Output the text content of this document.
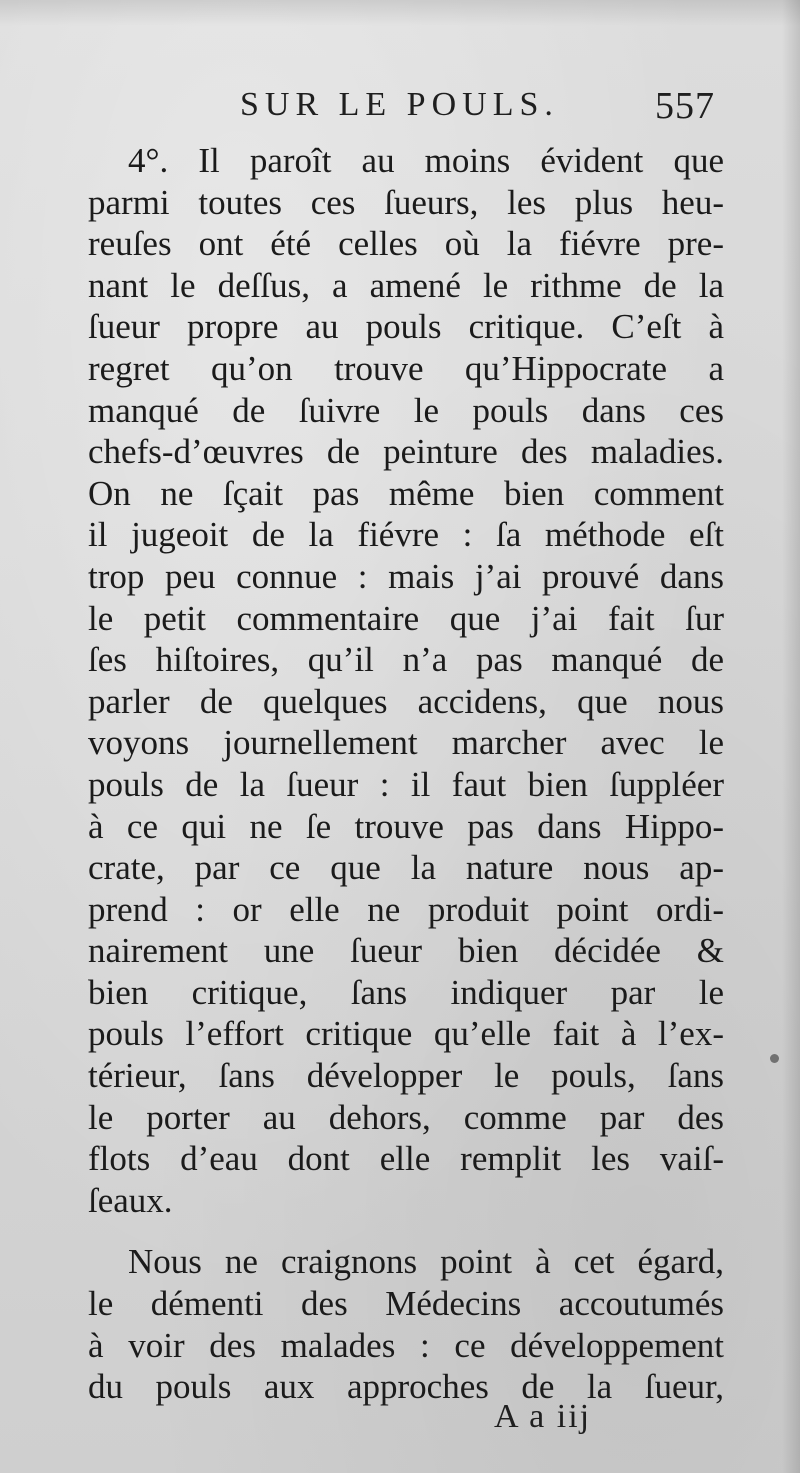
SUR LE POULS.	557
4°. Il paroît au moins évident que
parmi toutes ces ſueurs, les plus heu-
reuſes ont été celles où la fiévre pre-
nant le deſſus, a amené le rithme de la
ſueur propre au pouls critique. C’eſt à
regret qu’on trouve qu’Hippocrate a
manqué de ſuivre le pouls dans ces
chefs-d’œuvres de peinture des maladies.
On ne ſçait pas même bien comment
il jugeoit de la fiévre : ſa méthode eſt
trop peu connue : mais j’ai prouvé dans
le petit commentaire que j’ai fait ſur
ſes hiſtoires, qu’il n’a pas manqué de
parler de quelques accidens, que nous
voyons journellement marcher avec le
pouls de la ſueur : il faut bien ſuppléer
à ce qui ne ſe trouve pas dans Hippo-
crate, par ce que la nature nous ap-
prend : or elle ne produit point ordi-
nairement une ſueur bien décidée &
bien critique, ſans indiquer par le
pouls l’effort critique qu’elle fait à l’ex-
térieur, ſans développer le pouls, ſans
le porter au dehors, comme par des
flots d’eau dont elle remplit les vaiſ-
ſeaux.
Nous ne craignons point à cet égard,
le démenti des Médecins accoutumés
à voir des malades : ce développement
du pouls aux approches de la ſueur,
A a iij
